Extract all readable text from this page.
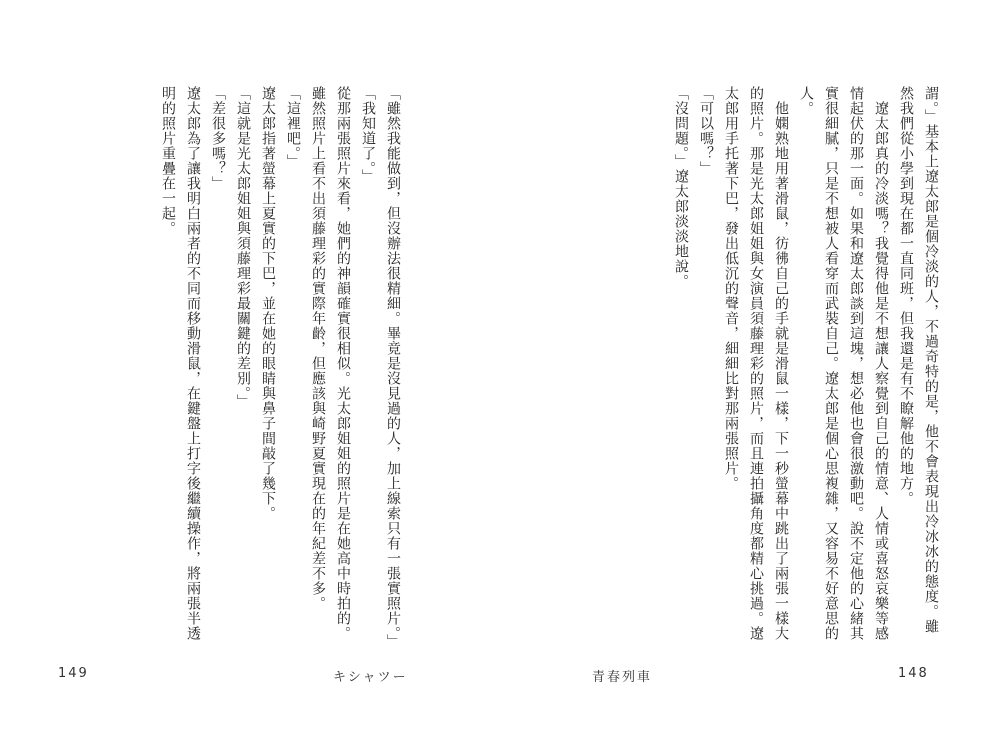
謂。」基本上遼太郎是個冷淡的人，不過奇特的是，他不會表現出冷冰冰的態度。雖然我們從小學到現在都一直同班，但我還是有不瞭解他的地方。

　遼太郎真的冷淡嗎？我覺得他是不想讓人察覺到自己的情意、人情或喜怒哀樂等感情起伏的那一面。如果和遼太郎談到這塊，想必他也會很激動吧。說不定他的心緒其實很細膩，只是不想被人看穿而武裝自己。遼太郎是個心思複雜，又容易不好意思的人。

　他嫻熟地用著滑鼠，彷彿自己的手就是滑鼠一樣，下一秒螢幕中跳出了兩張一樣大的照片。那是光太郎姐姐與女演員須藤理彩的照片，而且連拍攝角度都精心挑過。遼太郎用手托著下巴，發出低沉的聲音，細細比對那兩張照片。

「可以嗎？」

「沒問題。」遼太郎淡淡地說。

「雖然我能做到，但沒辦法很精細。畢竟是沒見過的人，加上線索只有一張實照片。」

「我知道了。」

從那兩張照片來看，她們的神韻確實很相似。光太郎姐姐的照片是在她高中時拍的。雖然照片上看不出須藤理彩的實際年齡，但應該與崎野夏實現在的年紀差不多。

「這裡吧。」

遼太郎指著螢幕上夏實的下巴，並在她的眼睛與鼻子間敲了幾下。

「這就是光太郎姐姐與須藤理彩最關鍵的差別。」

「差很多嗎？」

遼太郎為了讓我明白兩者的不同而移動滑鼠，在鍵盤上打字後繼續操作，將兩張半透明的照片重疊在一起。

149	キシャツー	青春列車	148
